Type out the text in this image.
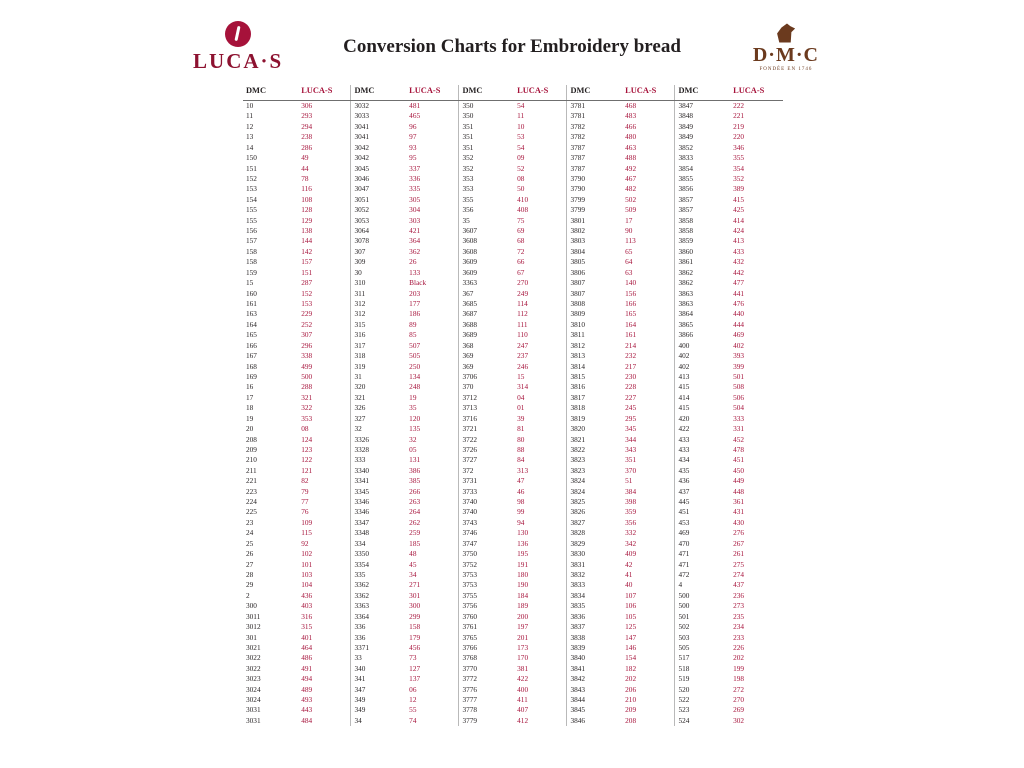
LUCA·S
Conversion Charts for Embroidery bread	D·M·C
FONDÉE EN 1746
DMC	LUCA-S	DMC	LUCA-S	DMC	LUCA-S	DMC	LUCA-S	DMC	LUCA-S
10	306	3032	481	350	54	3781	468	3847	222
11	293	3033	465	350	11	3781	483	3848	221
12	294	3041	96	351	10	3782	466	3849	219
13	238	3041	97	351	53	3782	480	3849	220
14	286	3042	93	351	54	3787	463	3852	346
150	49	3042	95	352	09	3787	488	3833	355
151	44	3045	337	352	52	3787	492	3854	354
152	78	3046	336	353	08	3790	467	3855	352
153	116	3047	335	353	50	3790	482	3856	389
154	108	3051	305	355	410	3799	502	3857	415
155	128	3052	304	356	408	3799	509	3857	425
155	129	3053	303	35	75	3801	17	3858	414
156	138	3064	421	3607	69	3802	90	3858	424
157	144	3078	364	3608	68	3803	113	3859	413
158	142	307	362	3608	72	3804	65	3860	433
158	157	309	26	3609	66	3805	64	3861	432
159	151	30	133	3609	67	3806	63	3862	442
15	287	310	Black	3363	270	3807	140	3862	477
160	152	311	203	367	249	3807	156	3863	441
161	153	312	177	3685	114	3808	166	3863	476
163	229	312	186	3687	112	3809	165	3864	440
164	252	315	89	3688	111	3810	164	3865	444
165	307	316	85	3689	110	3811	161	3866	469
166	296	317	507	368	247	3812	214	400	402
167	338	318	505	369	237	3813	232	402	393
168	499	319	250	369	246	3814	217	402	399
169	500	31	134	3706	15	3815	230	413	501
16	288	320	248	370	314	3816	228	415	508
17	321	321	19	3712	04	3817	227	414	506
18	322	326	35	3713	01	3818	245	415	504
19	353	327	120	3716	39	3819	295	420	333
20	08	32	135	3721	81	3820	345	422	331
208	124	3326	32	3722	80	3821	344	433	452
209	123	3328	05	3726	88	3822	343	433	478
210	122	333	131	3727	84	3823	351	434	451
211	121	3340	386	372	313	3823	370	435	450
221	82	3341	385	3731	47	3824	51	436	449
223	79	3345	266	3733	46	3824	384	437	448
224	77	3346	263	3740	98	3825	398	445	361
225	76	3346	264	3740	99	3826	359	451	431
23	109	3347	262	3743	94	3827	356	453	430
24	115	3348	259	3746	130	3828	332	469	276
25	92	334	185	3747	136	3829	342	470	267
26	102	3350	48	3750	195	3830	409	471	261
27	101	3354	45	3752	191	3831	42	471	275
28	103	335	34	3753	180	3832	41	472	274
29	104	3362	271	3753	190	3833	40	4	437
2	436	3362	301	3755	184	3834	107	500	236
300	403	3363	300	3756	189	3835	106	500	273
3011	316	3364	299	3760	200	3836	105	501	235
3012	315	336	158	3761	197	3837	125	502	234
301	401	336	179	3765	201	3838	147	503	233
3021	464	3371	456	3766	173	3839	146	505	226
3022	486	33	73	3768	170	3840	154	517	202
3022	491	340	127	3770	381	3841	182	518	199
3023	494	341	137	3772	422	3842	202	519	198
3024	489	347	06	3776	400	3843	206	520	272
3024	493	349	12	3777	411	3844	210	522	270
3031	443	349	55	3778	407	3845	209	523	269
3031	484	34	74	3779	412	3846	208	524	302
